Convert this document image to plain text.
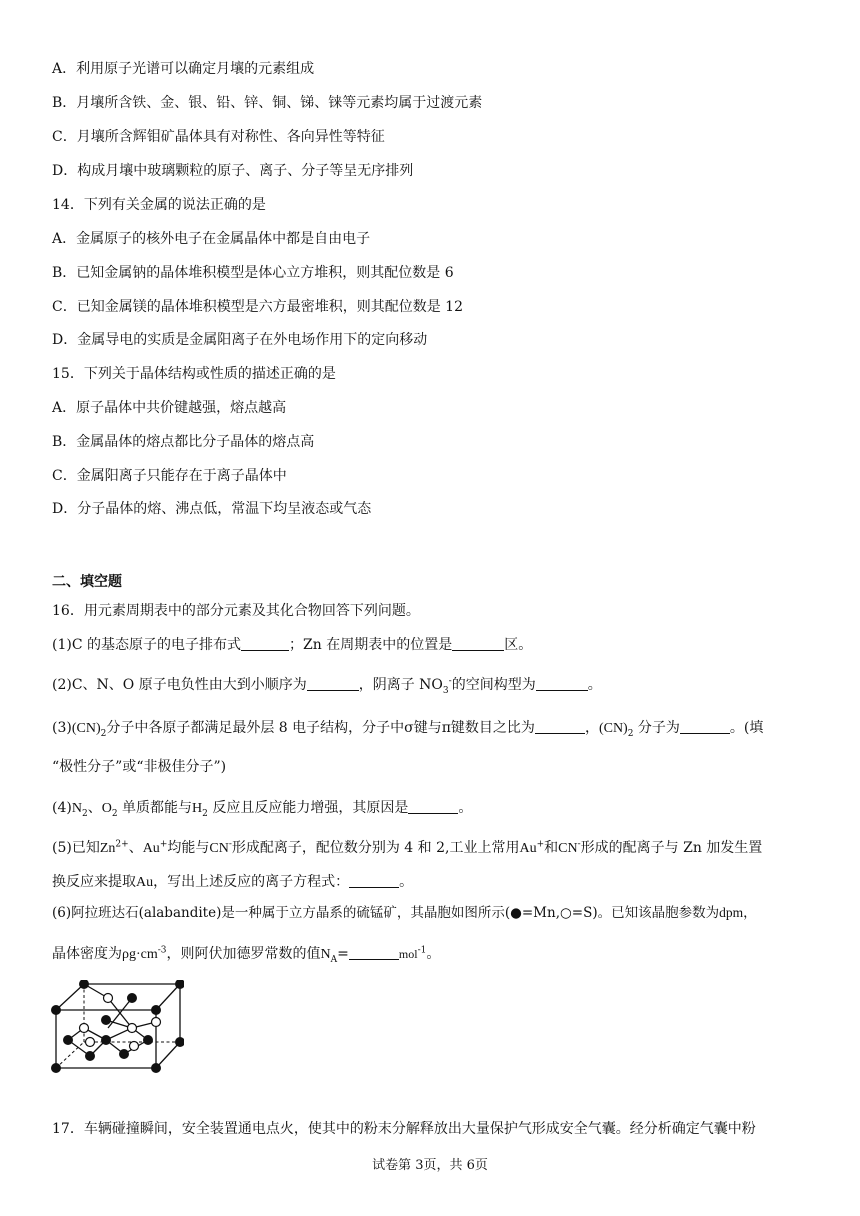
A．利用原子光谱可以确定月壤的元素组成
B．月壤所含铁、金、银、铅、锌、铜、锑、铼等元素均属于过渡元素
C．月壤所含辉钼矿晶体具有对称性、各向异性等特征
D．构成月壤中玻璃颗粒的原子、离子、分子等呈无序排列
14．下列有关金属的说法正确的是
A．金属原子的核外电子在金属晶体中都是自由电子
B．已知金属钠的晶体堆积模型是体心立方堆积，则其配位数是 6
C．已知金属镁的晶体堆积模型是六方最密堆积，则其配位数是 12
D．金属导电的实质是金属阳离子在外电场作用下的定向移动
15．下列关于晶体结构或性质的描述正确的是
A．原子晶体中共价键越强，熔点越高
B．金属晶体的熔点都比分子晶体的熔点高
C．金属阳离子只能存在于离子晶体中
D．分子晶体的熔、沸点低，常温下均呈液态或气态
二、填空题
16．用元素周期表中的部分元素及其化合物回答下列问题。
(1)C 的基态原子的电子排布式	；Zn 在周期表中的位置是	区。
(2)C、N、O 原子电负性由大到小顺序为	，阴离子 $NO_3^-$的空间构型为	。
$(3)(CN)_2$分子中各原子都满足最外层 8 电子结构，分子中σ键与π键数目之比为	，$(CN)_2$ 分子为	。(填
“极性分子”或“非极佳分子”)
$(4)N_2$、$O_2$ 单质都能与$H_2$ 反应且反应能力增强，其原因是	。
(5)已知$Zn^{2+}$、Au+均能与CN-形成配离子，配位数分别为 4 和 2,工业上常用Au+和CN-形成的配离子与 Zn 加发生置
换反应来提取Au，写出上述反应的离子方程式：	。
(6)阿拉班达石(alabandite)是一种属于立方晶系的硫锰矿，其晶胞如图所示(●=Mn,○=S)。已知该晶胞参数为dpm，
晶体密度为$\rho g\cdot cm^{-3}$，则阿伏加德罗常数的值$N_A=$	mol$^{-1}$。
17．车辆碰撞瞬间，安全装置通电点火，使其中的粉末分解释放出大量保护气形成安全气囊。经分析确定气囊中粉
试卷第 3页，共 6页
